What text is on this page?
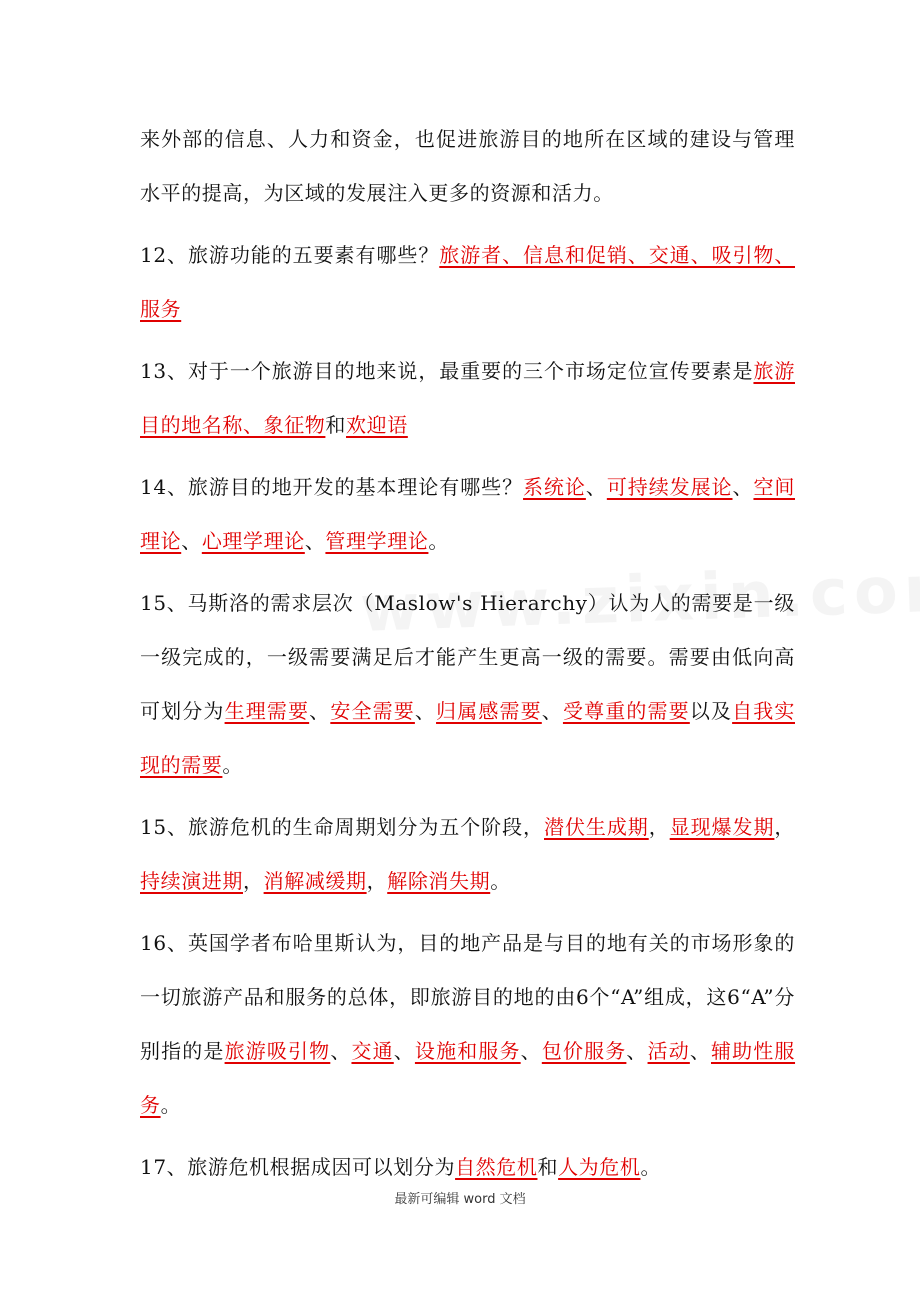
来外部的信息、人力和资金，也促进旅游目的地所在区域的建设与管理水平的提高，为区域的发展注入更多的资源和活力。

12、旅游功能的五要素有哪些？旅游者、信息和促销、交通、吸引物、服务

13、对于一个旅游目的地来说，最重要的三个市场定位宣传要素是旅游目的地名称、象征物和欢迎语

14、旅游目的地开发的基本理论有哪些？系统论、可持续发展论、空间理论、心理学理论、管理学理论。

15、马斯洛的需求层次（Maslow's Hierarchy）认为人的需要是一级一级完成的，一级需要满足后才能产生更高一级的需要。需要由低向高可划分为生理需要、安全需要、归属感需要、受尊重的需要以及自我实现的需要。

15、旅游危机的生命周期划分为五个阶段，潜伏生成期，显现爆发期，持续演进期，消解减缓期，解除消失期。

16、英国学者布哈里斯认为，目的地产品是与目的地有关的市场形象的一切旅游产品和服务的总体，即旅游目的地的由6个“A”组成，这6“A”分别指的是旅游吸引物、交通、设施和服务、包价服务、活动、辅助性服务。

17、旅游危机根据成因可以划分为自然危机和人为危机。

最新可编辑 word 文档
